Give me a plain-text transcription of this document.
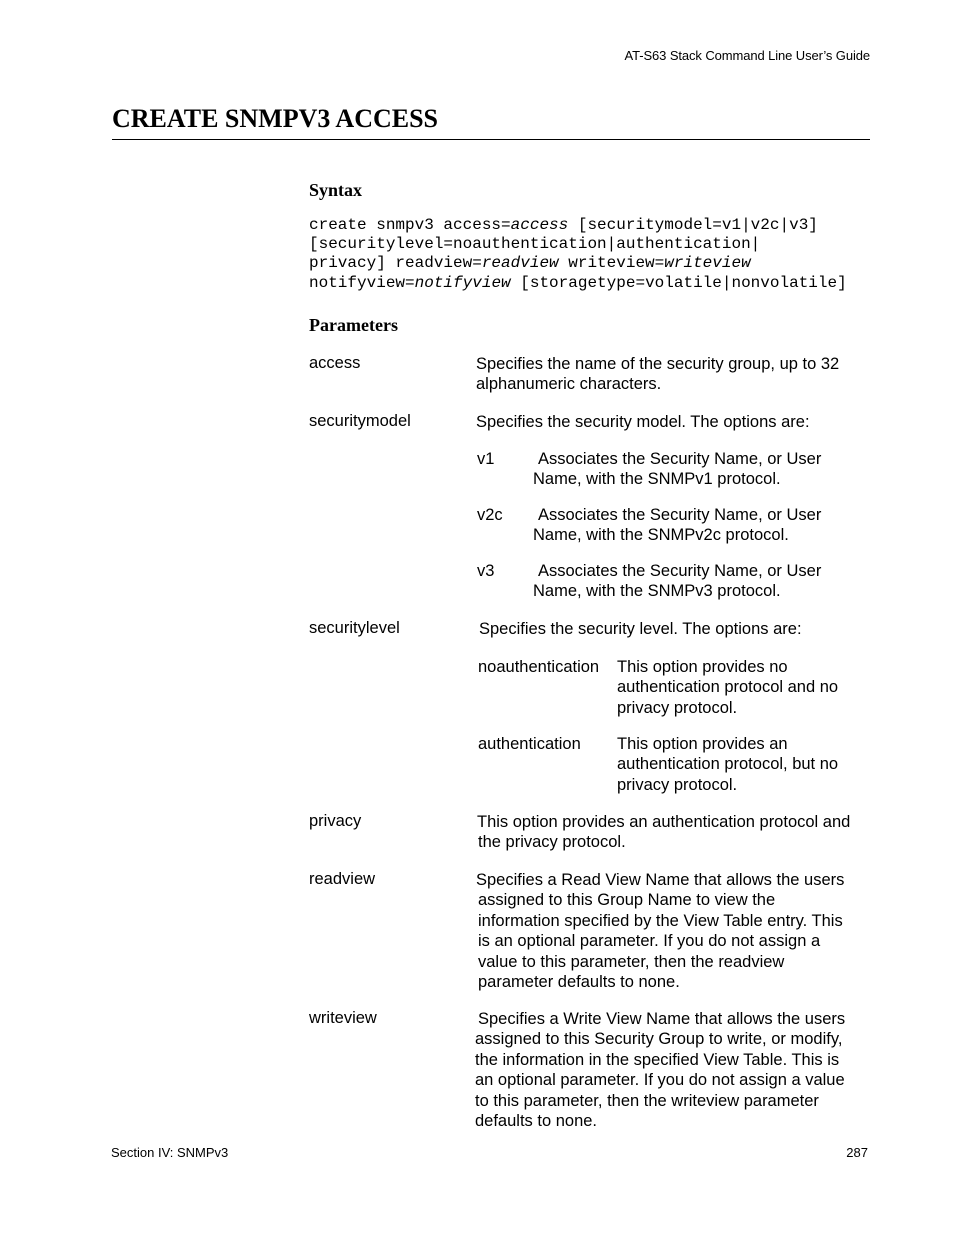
AT-S63 Stack Command Line User’s Guide
CREATE SNMPV3 ACCESS
Syntax
create snmpv3 access=access [securitymodel=v1|v2c|v3]
[securitylevel=noauthentication|authentication|
privacy] readview=readview writeview=writeview
notifyview=notifyview [storagetype=volatile|nonvolatile]
Parameters
access	Specifies the name of the security group, up to 32
alphanumeric characters.
securitymodel	Specifies the security model. The options are:
v1	Associates the Security Name, or User
Name, with the SNMPv1 protocol.
v2c	Associates the Security Name, or User
Name, with the SNMPv2c protocol.
v3	Associates the Security Name, or User
Name, with the SNMPv3 protocol.
securitylevel	Specifies the security level. The options are:
noauthentication This option provides no
authentication protocol and no
privacy protocol.
authentication This option provides an
authentication protocol, but no
privacy protocol.
privacy	This option provides an authentication protocol and
the privacy protocol.
readview	Specifies a Read View Name that allows the users
assigned to this Group Name to view the
information specified by the View Table entry. This
is an optional parameter. If you do not assign a
value to this parameter, then the readview
parameter defaults to none.
writeview	Specifies a Write View Name that allows the users
assigned to this Security Group to write, or modify,
the information in the specified View Table. This is
an optional parameter. If you do not assign a value
to this parameter, then the writeview parameter
defaults to none.
Section IV: SNMPv3	287
